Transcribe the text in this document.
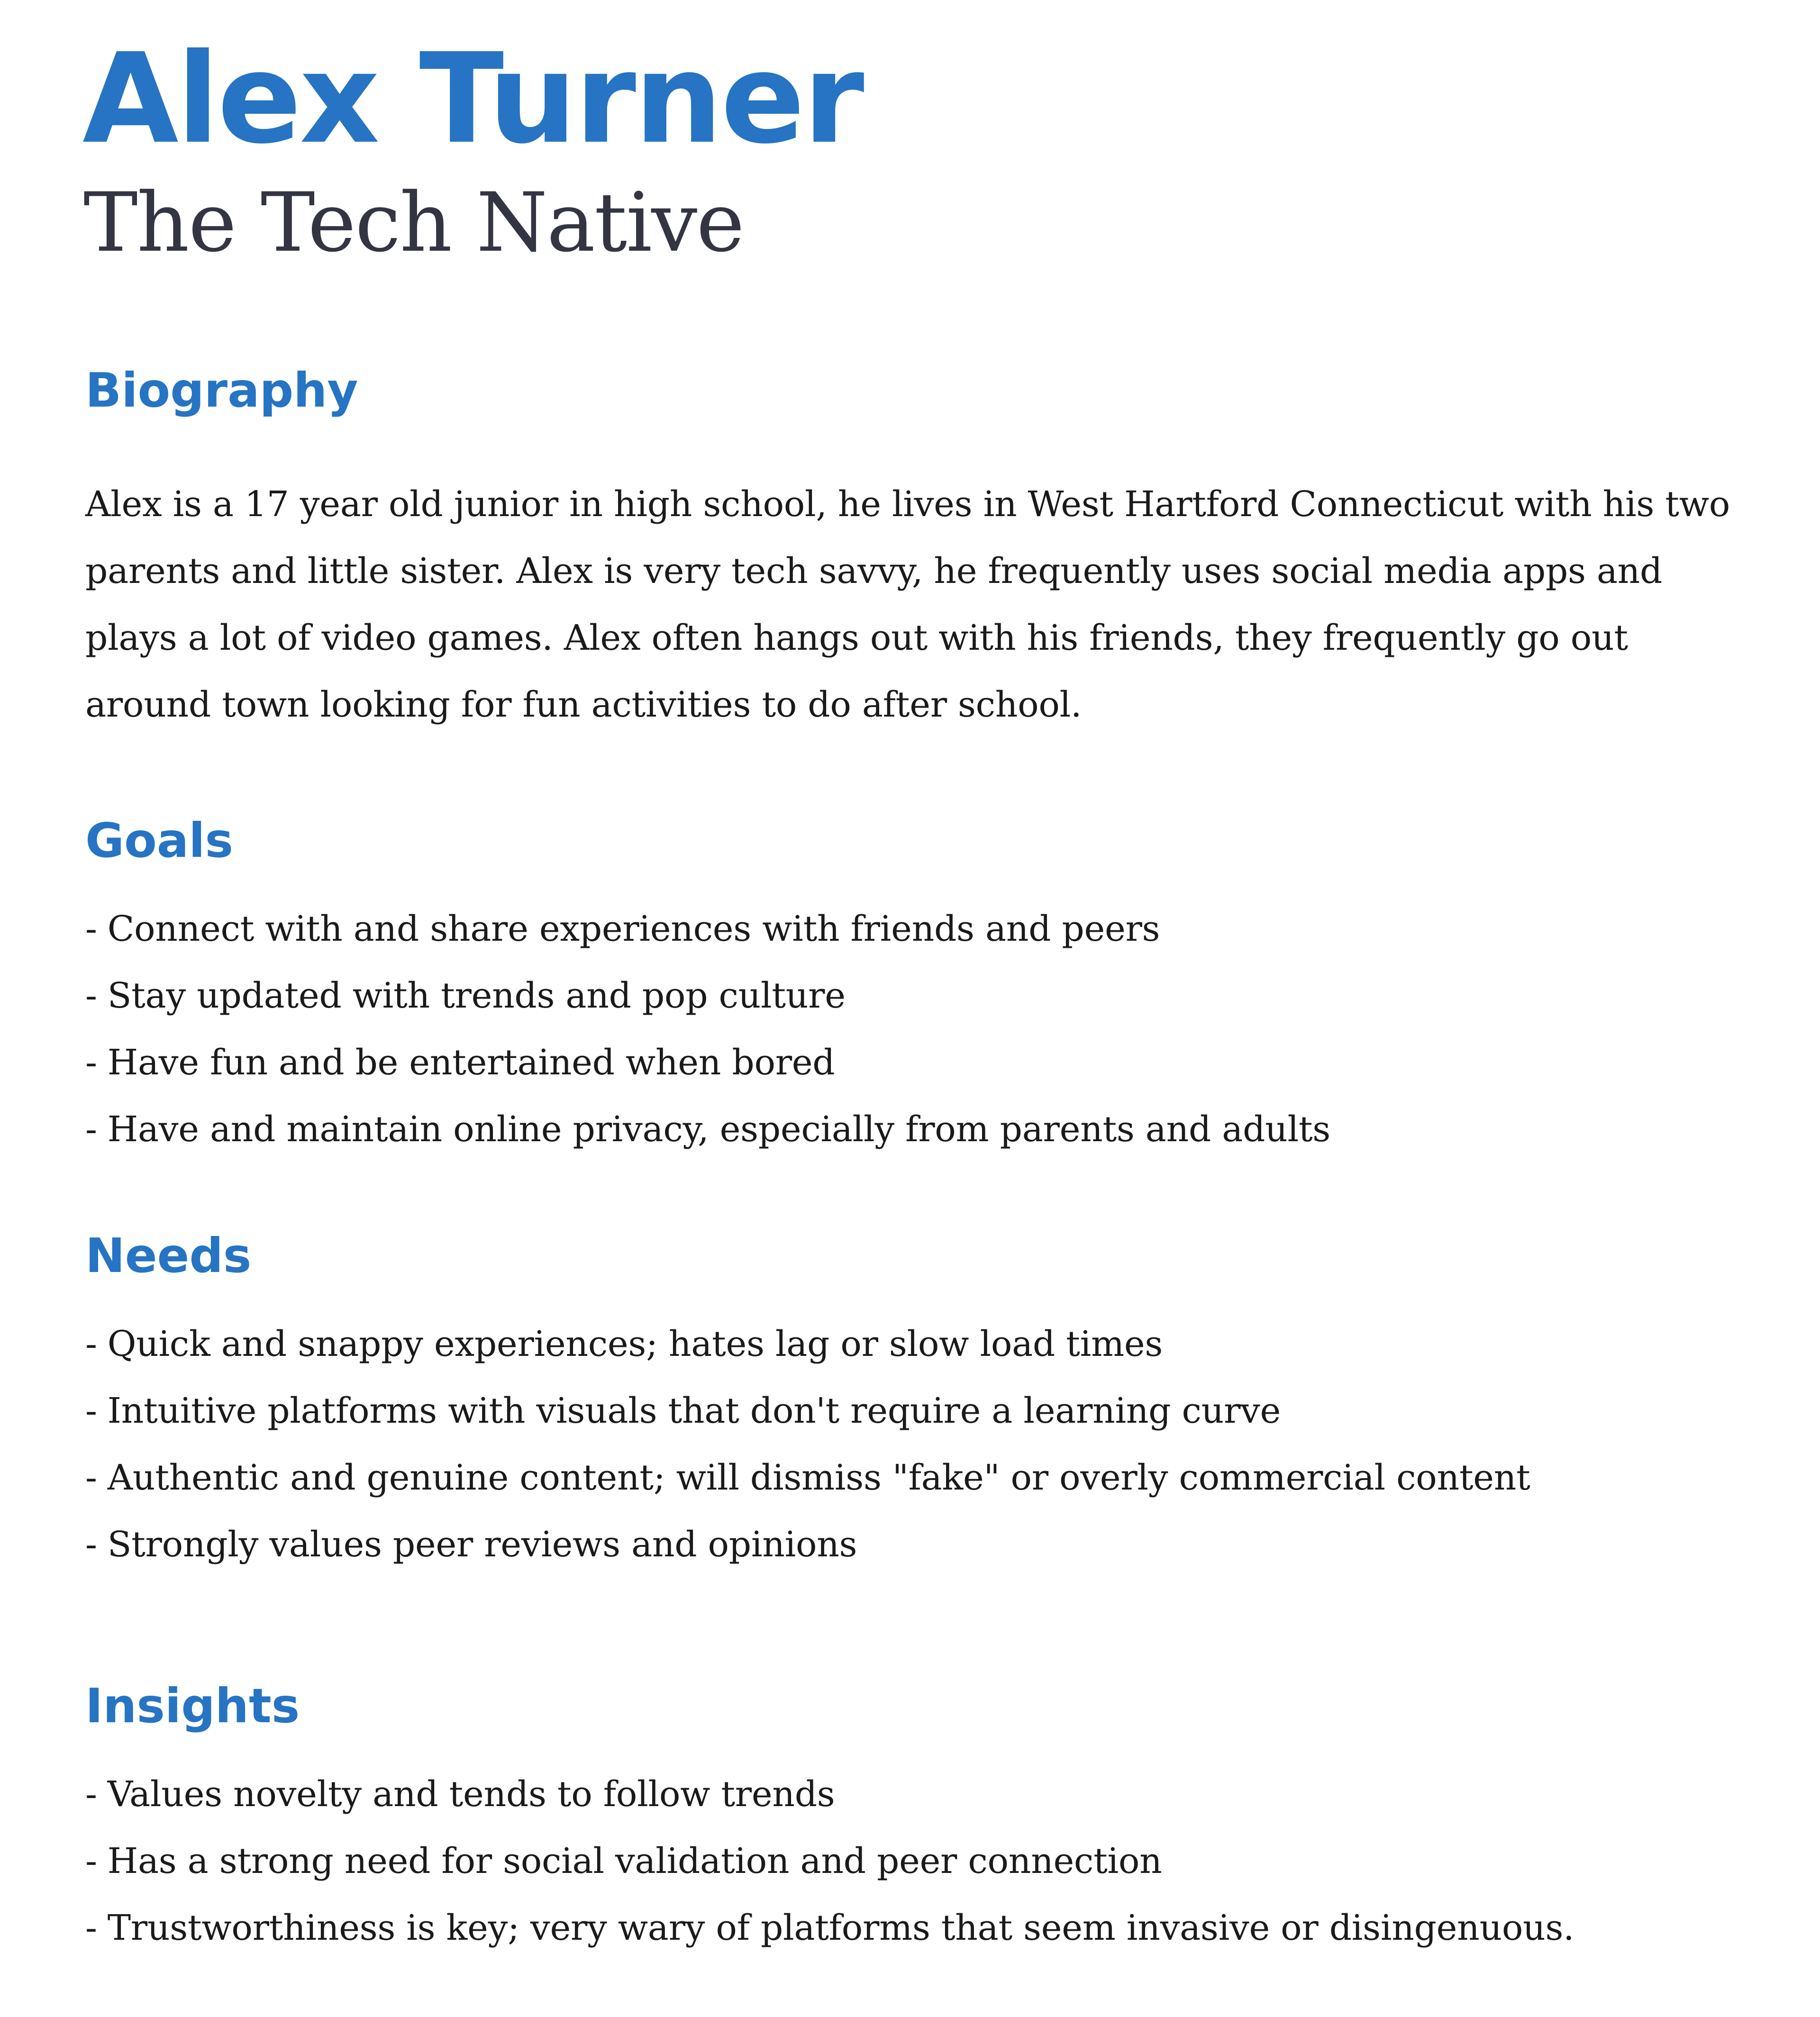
Alex Turner
The Tech Native
Biography

Alex is a 17 year old junior in high school, he lives in West Hartford Connecticut with his two parents and little sister. Alex is very tech savvy, he frequently uses social media apps and plays a lot of video games. Alex often hangs out with his friends, they frequently go out around town looking for fun activities to do after school.

Goals
- Connect with and share experiences with friends and peers
- Stay updated with trends and pop culture
- Have fun and be entertained when bored
- Have and maintain online privacy, especially from parents and adults
Needs
- Quick and snappy experiences; hates lag or slow load times
- Intuitive platforms with visuals that don't require a learning curve
- Authentic and genuine content; will dismiss "fake" or overly commercial content
- Strongly values peer reviews and opinions
Insights
- Values novelty and tends to follow trends
- Has a strong need for social validation and peer connection
- Trustworthiness is key; very wary of platforms that seem invasive or disingenuous.
